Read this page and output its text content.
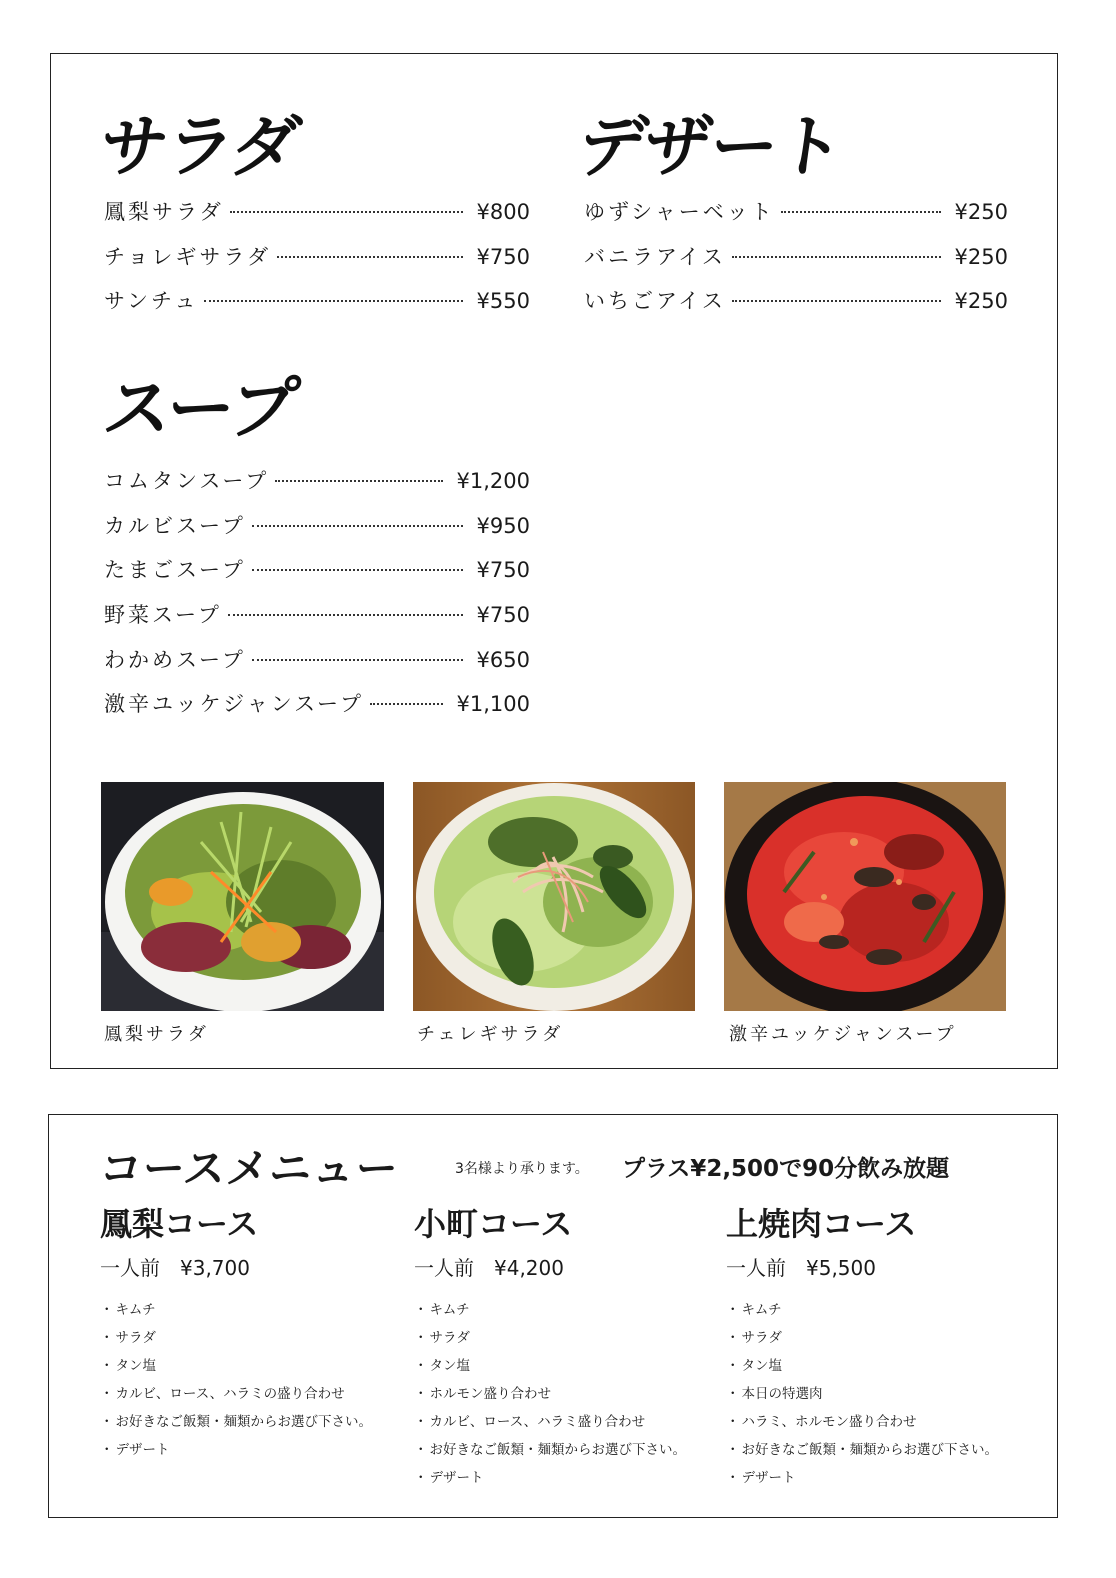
サラダ
鳳梨サラダ	¥800
チョレギサラダ	¥750
サンチュ	¥550
デザート
ゆずシャーベット	¥250
バニラアイス	¥250
いちごアイス	¥250
スープ
コムタンスープ	¥1,200
カルビスープ	¥950
たまごスープ	¥750
野菜スープ	¥750
わかめスープ	¥650
激辛ユッケジャンスープ	¥1,100
鳳梨サラダ	チェレギサラダ	激辛ユッケジャンスープ
コースメニュー	3名様より承ります。 プラス¥2,500で90分飲み放題
鳳梨コース
一人前　¥3,700
・ キムチ
・ サラダ
・ タン塩
・ カルビ、ロース、ハラミの盛り合わせ
・ お好きなご飯類・麺類からお選び下さい。
・ デザート
小町コース
一人前　¥4,200
・ キムチ
・ サラダ
・ タン塩
・ ホルモン盛り合わせ
・ カルビ、ロース、ハラミ盛り合わせ
・ お好きなご飯類・麺類からお選び下さい。
・ デザート
上焼肉コース
一人前　¥5,500
・ キムチ
・ サラダ
・ タン塩
・ 本日の特選肉
・ ハラミ、ホルモン盛り合わせ
・ お好きなご飯類・麺類からお選び下さい。
・ デザート
